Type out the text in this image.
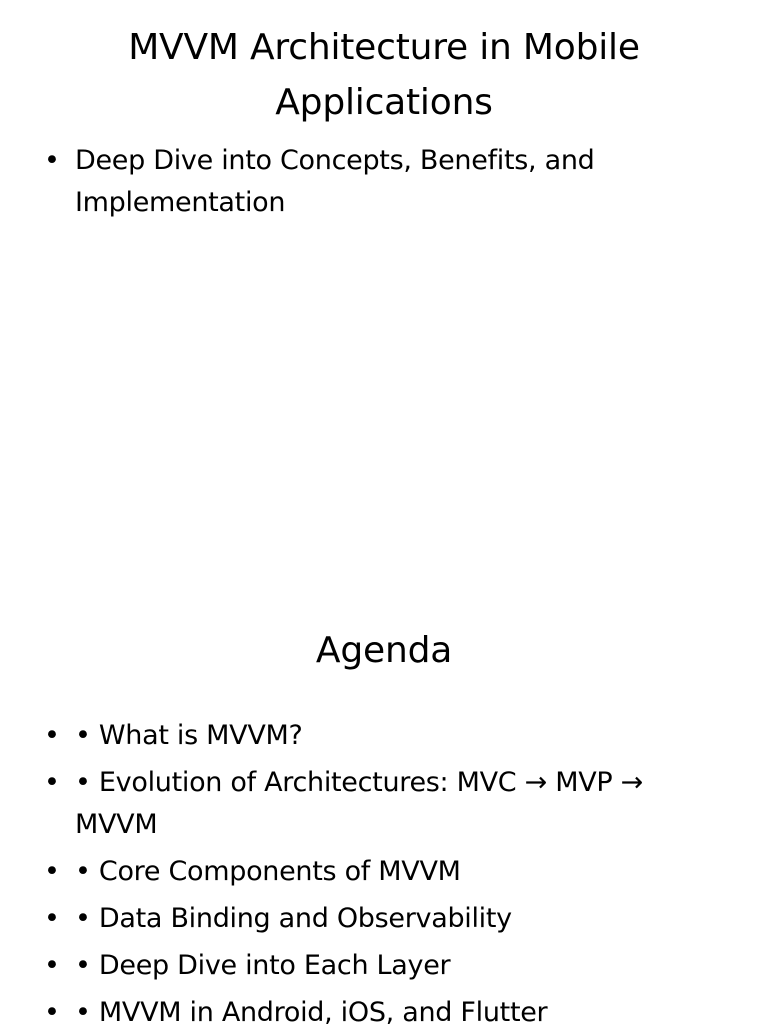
MVVM Architecture in Mobile Applications
• Deep Dive into Concepts, Benefits, and Implementation
Agenda
• • What is MVVM?
• • Evolution of Architectures: MVC → MVP → MVVM
• • Core Components of MVVM
• • Data Binding and Observability
• • Deep Dive into Each Layer
• • MVVM in Android, iOS, and Flutter
